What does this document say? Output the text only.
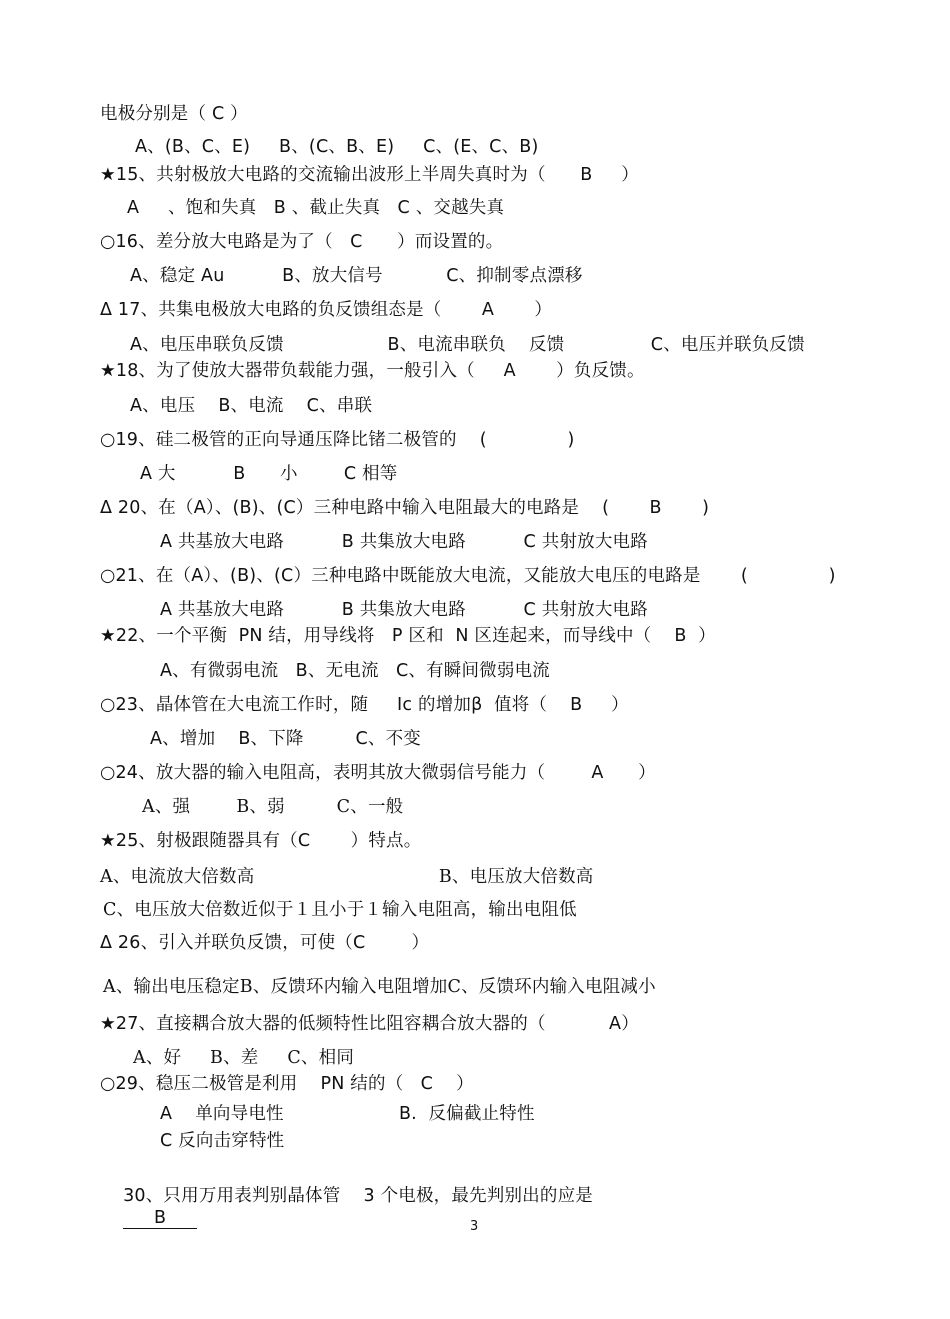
电极分别是（ C ）
A、(B、C、E)     B、(C、B、E)     C、(E、C、B)
★15、共射极放大电路的交流输出波形上半周失真时为（      B     ）
A     、饱和失真   B 、截止失真   C 、交越失真
○16、差分放大电路是为了（   C      ）而设置的。
A、稳定 Au          B、放大信号           C、抑制零点漂移
Δ 17、共集电极放大电路的负反馈组态是（       A       ）
A、电压串联负反馈                  B、电流串联负    反馈               C、电压并联负反馈
★18、为了使放大器带负载能力强，一般引入（     A       ）负反馈。
A、电压    B、电流    C、串联
○19、硅二极管的正向导通压降比锗二极管的    (              )
A 大          B      小        C 相等
Δ 20、在（A）、(B)、(C）三种电路中输入电阻最大的电路是    (       B       )
A 共基放大电路          B 共集放大电路          C 共射放大电路
○21、在（A）、(B)、(C）三种电路中既能放大电流，又能放大电压的电路是       (              )
A 共基放大电路          B 共集放大电路          C 共射放大电路
★22、一个平衡  PN 结，用导线将   P 区和  N 区连起来，而导线中（    B  ）
A、有微弱电流   B、无电流   C、有瞬间微弱电流
○23、晶体管在大电流工作时，随     Ic 的增加β  值将（    B     ）
A、增加    B、下降         C、不变
○24、放大器的输入电阻高，表明其放大微弱信号能力（        A      ）
A、强        B、弱         C、一般
★25、射极跟随器具有（C       ）特点。
A、电流放大倍数高                                B、电压放大倍数高
C、电压放大倍数近似于１且小于１输入电阻高，输出电阻低
Δ 26、引入并联负反馈，可使（C        ）
A、输出电压稳定B、反馈环内输入电阻增加C、反馈环内输入电阻减小
★27、直接耦合放大器的低频特性比阻容耦合放大器的（           A）
A、好     B、差     C、相同
○29、稳压二极管是利用    PN 结的（   C    ）
A    单向导电性                    B.  反偏截止特性
C 反向击穿特性

30、只用万用表判别晶体管    3 个电极，最先判别出的应是
B
	3
